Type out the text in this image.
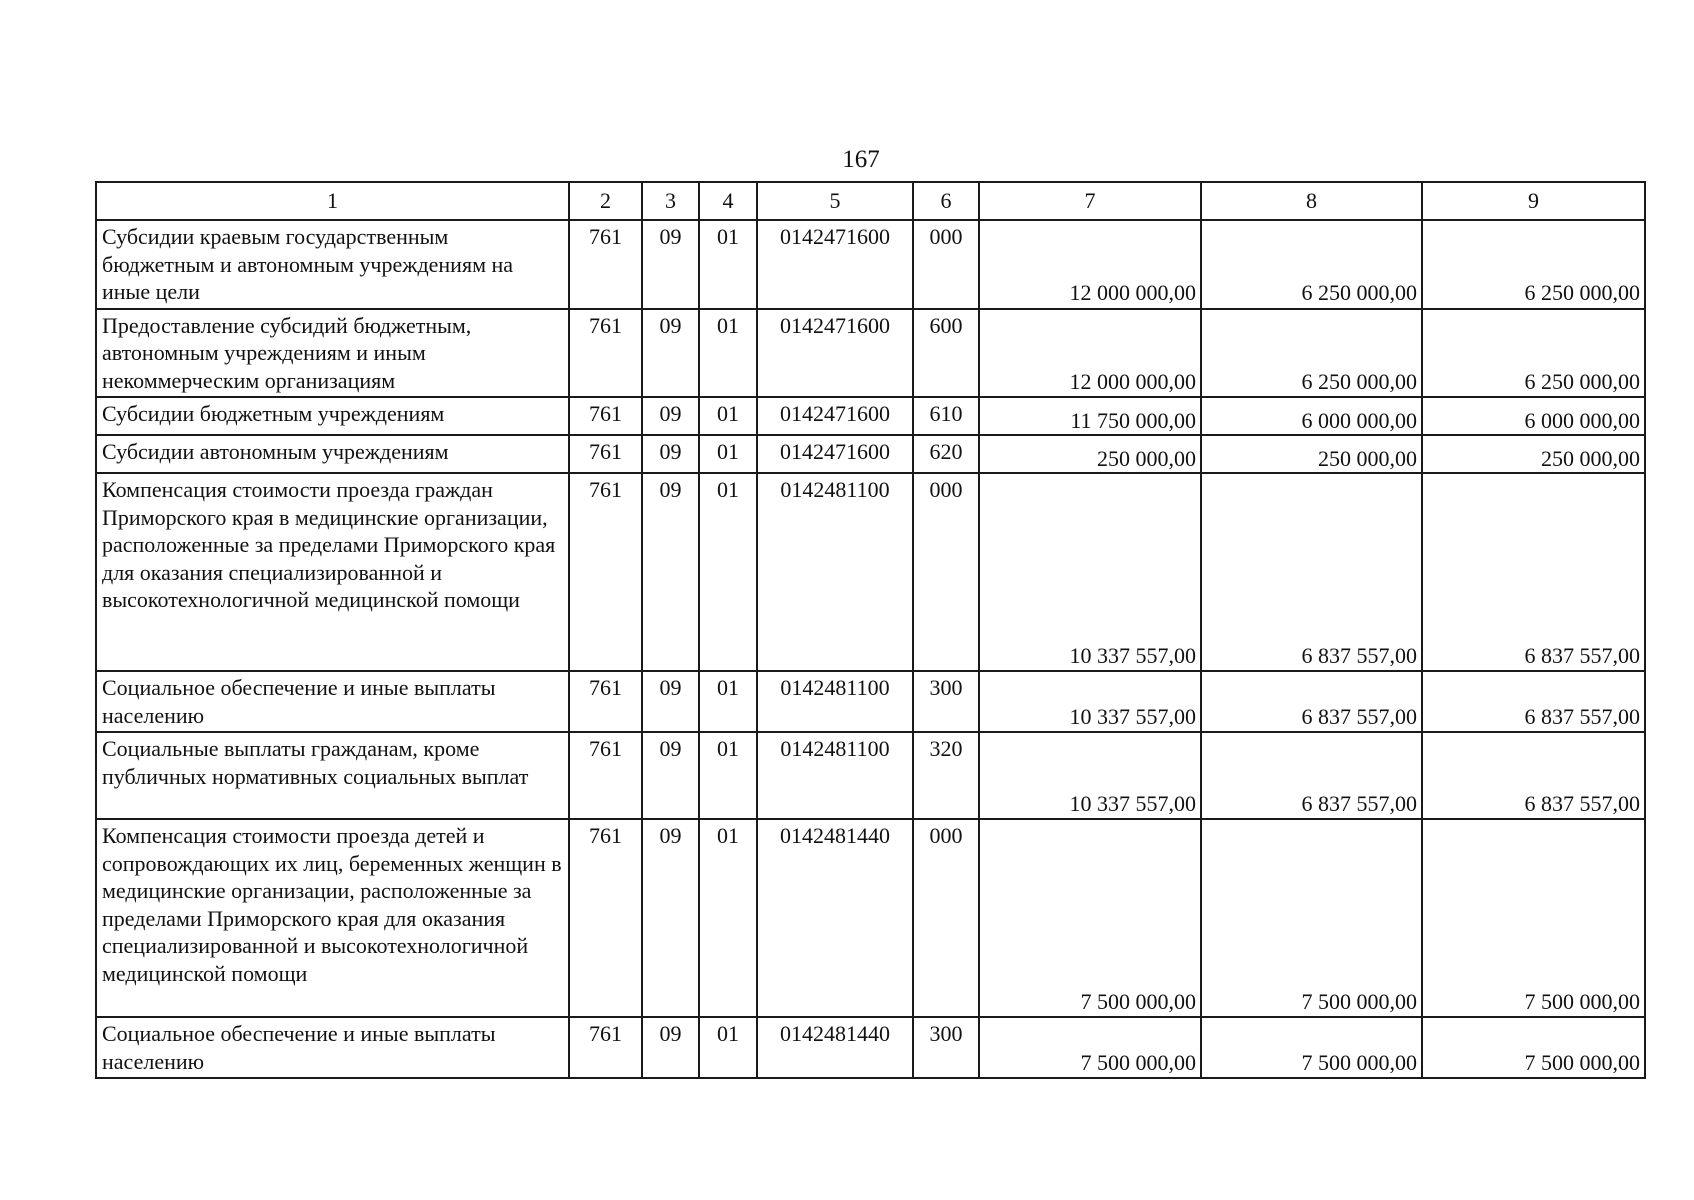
167
1	2	3	4	5	6	7	8	9
Субсидии краевым государственным бюджетным и автономным учреждениям на иные цели	761	09	01	0142471600	000	12 000 000,00	6 250 000,00	6 250 000,00
Предоставление субсидий бюджетным, автономным учреждениям и иным некоммерческим организациям	761	09	01	0142471600	600	12 000 000,00	6 250 000,00	6 250 000,00
Субсидии бюджетным учреждениям	761	09	01	0142471600	610	11 750 000,00	6 000 000,00	6 000 000,00
Субсидии автономным учреждениям	761	09	01	0142471600	620	250 000,00	250 000,00	250 000,00
Компенсация стоимости проезда граждан Приморского края в медицинские организации, расположенные за пределами Приморского края для оказания специализированной и высокотехнологичной медицинской помощи	761	09	01	0142481100	000	10 337 557,00	6 837 557,00	6 837 557,00
Социальное обеспечение и иные выплаты населению	761	09	01	0142481100	300	10 337 557,00	6 837 557,00	6 837 557,00
Социальные выплаты гражданам, кроме публичных нормативных социальных выплат	761	09	01	0142481100	320	10 337 557,00	6 837 557,00	6 837 557,00
Компенсация стоимости проезда детей и сопровождающих их лиц, беременных женщин в медицинские организации, расположенные за пределами Приморского края для оказания специализированной и высокотехнологичной медицинской помощи	761	09	01	0142481440	000	7 500 000,00	7 500 000,00	7 500 000,00
Социальное обеспечение и иные выплаты населению	761	09	01	0142481440	300	7 500 000,00	7 500 000,00	7 500 000,00
